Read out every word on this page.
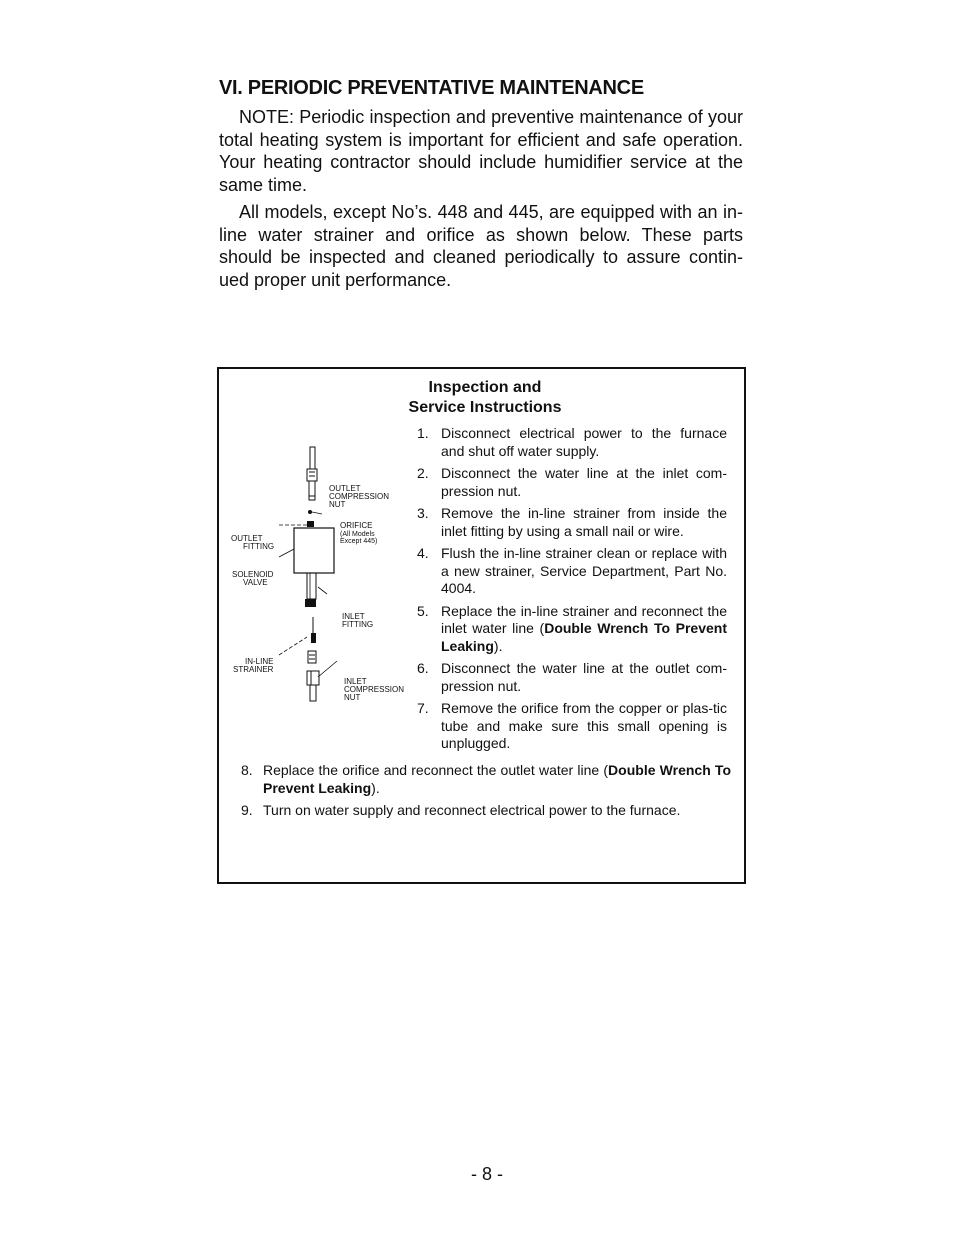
VI. PERIODIC PREVENTATIVE MAINTENANCE

NOTE: Periodic inspection and preventive maintenance of your total heating system is important for efficient and safe operation. Your heating contractor should include humidifier service at the same time.

All models, except No’s. 448 and 445, are equipped with an in-line water strainer and orifice as shown below. These parts should be inspected and cleaned periodically to assure contin-ued proper unit performance.

Inspection and
Service Instructions
OUTLET COMPRESSION NUT
ORIFICE (All Models Except 445)
OUTLET FITTING
SOLENOID VALVE
INLET FITTING
IN-LINE STRAINER
INLET COMPRESSION NUT
1. Disconnect electrical power to the furnace and shut off water supply.
2. Disconnect the water line at the inlet com-pression nut.
3. Remove the in-line strainer from inside the inlet fitting by using a small nail or wire.
4. Flush the in-line strainer clean or replace with a new strainer, Service Department, Part No. 4004.
5. Replace the in-line strainer and reconnect the inlet water line (Double Wrench To Prevent Leaking).
6. Disconnect the water line at the outlet com-pression nut.
7. Remove the orifice from the copper or plas-tic tube and make sure this small opening is unplugged.
8. Replace the orifice and reconnect the outlet water line (Double Wrench To Prevent Leaking).
9. Turn on water supply and reconnect electrical power to the furnace.
- 8 -
